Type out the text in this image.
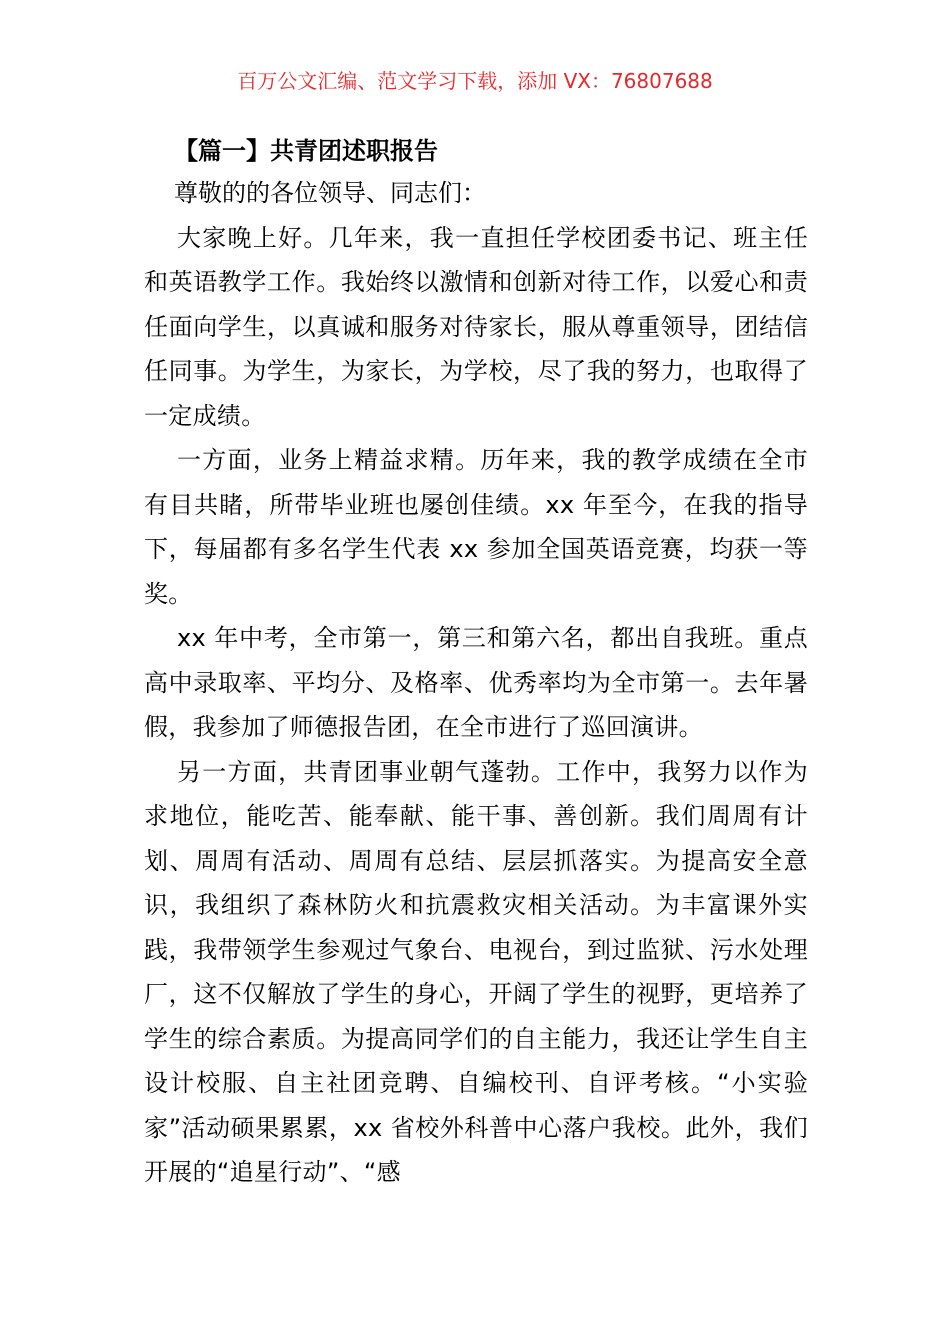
百万公文汇编、范文学习下载，添加 VX：76807688
【篇一】共青团述职报告

尊敬的的各位领导、同志们：

大家晚上好。几年来，我一直担任学校团委书记、班主任和英语教学工作。我始终以激情和创新对待工作，以爱心和责任面向学生，以真诚和服务对待家长，服从尊重领导，团结信任同事。为学生，为家长，为学校，尽了我的努力，也取得了一定成绩。

一方面，业务上精益求精。历年来，我的教学成绩在全市有目共睹，所带毕业班也屡创佳绩。xx 年至今，在我的指导下，每届都有多名学生代表 xx 参加全国英语竞赛，均获一等奖。

xx 年中考，全市第一，第三和第六名，都出自我班。重点高中录取率、平均分、及格率、优秀率均为全市第一。去年暑假，我参加了师德报告团，在全市进行了巡回演讲。

另一方面，共青团事业朝气蓬勃。工作中，我努力以作为求地位，能吃苦、能奉献、能干事、善创新。我们周周有计划、周周有活动、周周有总结、层层抓落实。为提高安全意识，我组织了森林防火和抗震救灾相关活动。为丰富课外实践，我带领学生参观过气象台、电视台，到过监狱、污水处理厂，这不仅解放了学生的身心，开阔了学生的视野，更培养了学生的综合素质。为提高同学们的自主能力，我还让学生自主设计校服、自主社团竞聘、自编校刊、自评考核。“小实验家”活动硕果累累，xx 省校外科普中心落户我校。此外，我们开展的“追星行动”、“感
